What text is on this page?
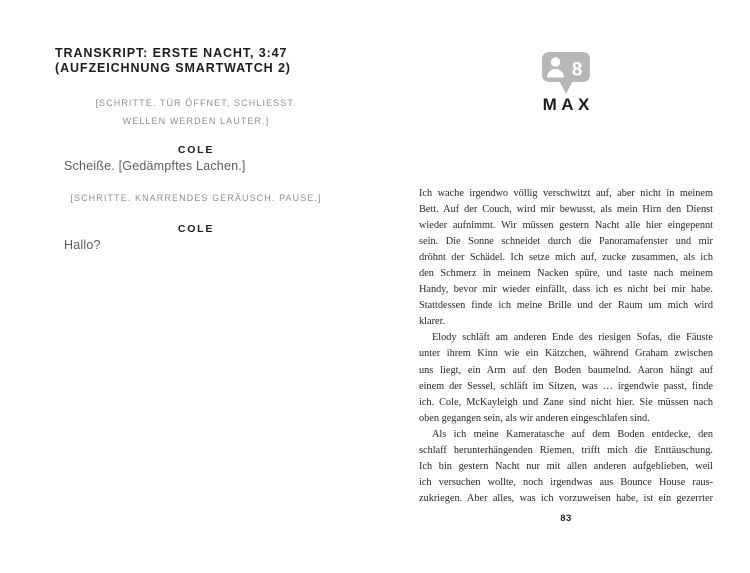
TRANSKRIPT: ERSTE NACHT, 3:47
(AUFZEICHNUNG SMARTWATCH 2)
[SCHRITTE. TÜR ÖFFNET, SCHLIESST.
WELLEN WERDEN LAUTER.]
COLE
Scheiße. [Gedämpftes Lachen.]
[SCHRITTE. KNARRENDES GERÄUSCH. PAUSE.]
COLE
Hallo?
8
MAX
Ich wache irgendwo völlig verschwitzt auf, aber nicht in meinem
Bett. Auf der Couch, wird mir bewusst, als mein Hirn den Dienst
wieder aufnimmt. Wir müssen gestern Nacht alle hier eingepennt
sein. Die Sonne schneidet durch die Panoramafenster und mir
dröhnt der Schädel. Ich setze mich auf, zucke zusammen, als ich
den Schmerz in meinem Nacken spüre, und taste nach meinem
Handy, bevor mir wieder einfällt, dass ich es nicht bei mir habe.
Stattdessen finde ich meine Brille und der Raum um mich wird
klarer.
Elody schläft am anderen Ende des riesigen Sofas, die Fäuste
unter ihrem Kinn wie ein Kätzchen, während Graham zwischen
uns liegt, ein Arm auf den Boden baumelnd. Aaron hängt auf
einem der Sessel, schläft im Sitzen, was … irgendwie passt, finde
ich. Cole, McKayleigh und Zane sind nicht hier. Sie müssen nach
oben gegangen sein, als wir anderen eingeschlafen sind.
Als ich meine Kameratasche auf dem Boden entdecke, den
schlaff herunterhängenden Riemen, trifft mich die Enttäuschung.
Ich bin gestern Nacht nur mit allen anderen aufgeblieben, weil
ich versuchen wollte, noch irgendwas aus Bounce House raus-
zukriegen. Aber alles, was ich vorzuweisen habe, ist ein gezerrter
83
